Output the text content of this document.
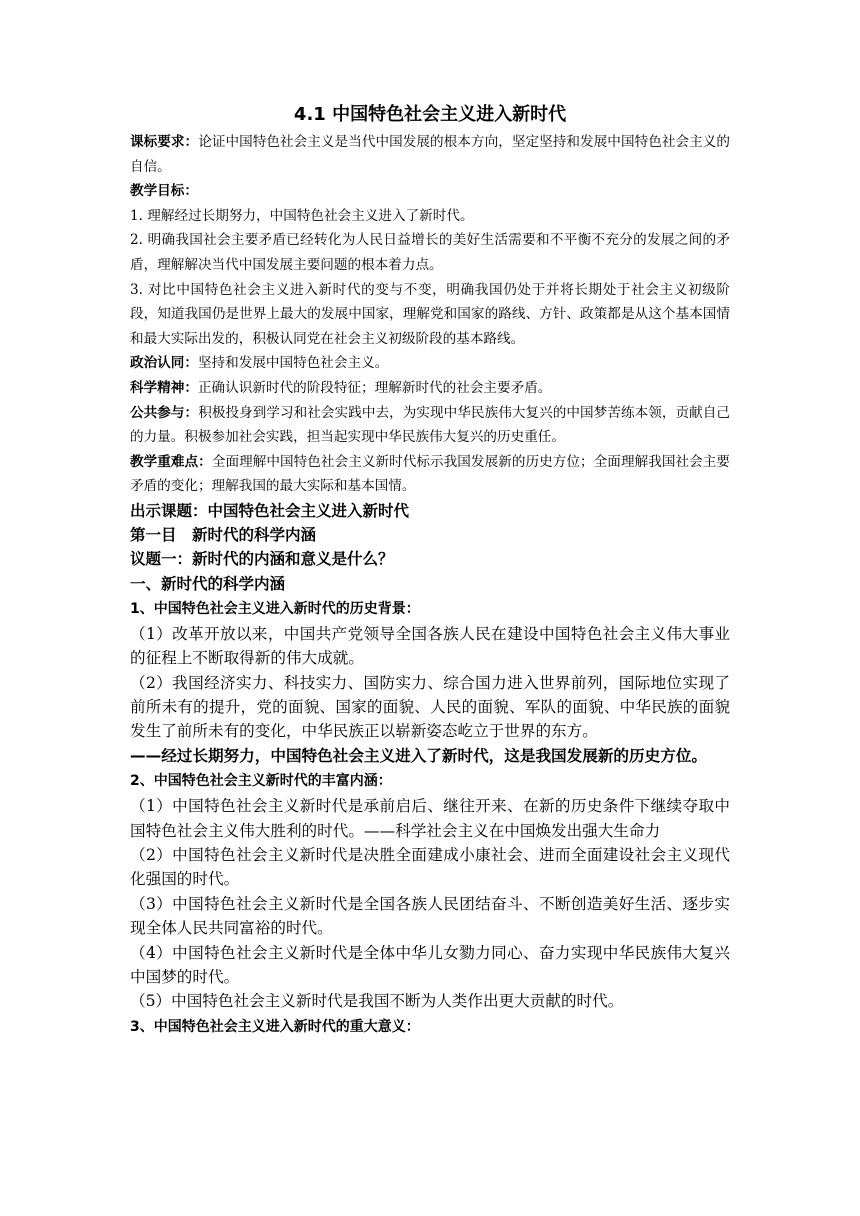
4.1 中国特色社会主义进入新时代

课标要求：论证中国特色社会主义是当代中国发展的根本方向，坚定坚持和发展中国特色社会主义的自信。

教学目标：

1. 理解经过长期努力，中国特色社会主义进入了新时代。

2. 明确我国社会主要矛盾已经转化为人民日益增长的美好生活需要和不平衡不充分的发展之间的矛盾，理解解决当代中国发展主要问题的根本着力点。

3. 对比中国特色社会主义进入新时代的变与不变，明确我国仍处于并将长期处于社会主义初级阶段，知道我国仍是世界上最大的发展中国家，理解党和国家的路线、方针、政策都是从这个基本国情和最大实际出发的，积极认同党在社会主义初级阶段的基本路线。

政治认同：坚持和发展中国特色社会主义。

科学精神：正确认识新时代的阶段特征；理解新时代的社会主要矛盾。

公共参与：积极投身到学习和社会实践中去，为实现中华民族伟大复兴的中国梦苦练本领，贡献自己的力量。积极参加社会实践，担当起实现中华民族伟大复兴的历史重任。

教学重难点：全面理解中国特色社会主义新时代标示我国发展新的历史方位；全面理解我国社会主要矛盾的变化；理解我国的最大实际和基本国情。

出示课题：中国特色社会主义进入新时代

第一目　新时代的科学内涵

议题一：新时代的内涵和意义是什么？

一、新时代的科学内涵

1、中国特色社会主义进入新时代的历史背景：

（1）改革开放以来，中国共产党领导全国各族人民在建设中国特色社会主义伟大事业的征程上不断取得新的伟大成就。

（2）我国经济实力、科技实力、国防实力、综合国力进入世界前列，国际地位实现了前所未有的提升，党的面貌、国家的面貌、人民的面貌、军队的面貌、中华民族的面貌发生了前所未有的变化，中华民族正以崭新姿态屹立于世界的东方。

——经过长期努力，中国特色社会主义进入了新时代，这是我国发展新的历史方位。

2、中国特色社会主义新时代的丰富内涵：

（1）中国特色社会主义新时代是承前启后、继往开来、在新的历史条件下继续夺取中国特色社会主义伟大胜利的时代。——科学社会主义在中国焕发出强大生命力

（2）中国特色社会主义新时代是决胜全面建成小康社会、进而全面建设社会主义现代化强国的时代。

（3）中国特色社会主义新时代是全国各族人民团结奋斗、不断创造美好生活、逐步实现全体人民共同富裕的时代。

（4）中国特色社会主义新时代是全体中华儿女勠力同心、奋力实现中华民族伟大复兴中国梦的时代。

（5）中国特色社会主义新时代是我国不断为人类作出更大贡献的时代。

3、中国特色社会主义进入新时代的重大意义：
